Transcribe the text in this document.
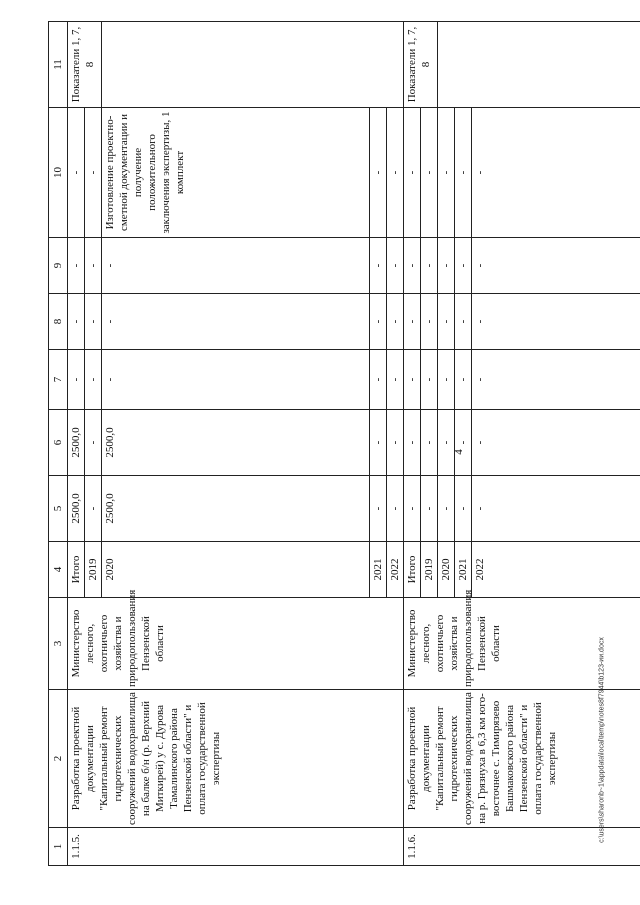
4
c:\users\sharonb~1\appdata\local\temp\notes8f7944\b123-ии.docx
1	2	3	4	5	6	7	8	9	10	11
1.1.5.	Разработка проектной документации "Капитальный ремонт гидротехнических сооружений водохранилища на балке б/н (р. Верхний Миткирей) у с. Дурова Тамалинского района Пензенской области" и оплата государственной экспертизы	Министерство лесного, охотничьего хозяйства и природопользования Пензенской области	Итого	2500,0	2500,0	-	-	-	-	Показатели 1, 7, 8
			2019	-	-	-	-	-	-	
			2020	2500,0	2500,0	-	-	-	Изготовление проектно-сметной документации и получение положительного заключения экспертизы, 1 комплект	
			2021	-	-	-	-	-	-	
			2022	-	-	-	-	-	-	
1.1.6.	Разработка проектной документации "Капитальный ремонт гидротехнических сооружений водохранилища на р. Грязнуха в 6,3 км юго-восточнее с. Тимирязево Башмаковского района Пензенской области" и оплата государственной экспертизы	Министерство лесного, охотничьего хозяйства и природопользования Пензенской области	Итого	-	-	-	-	-	-	Показатели 1, 7, 8
			2019	-	-	-	-	-	-	
			2020	-	-	-	-	-	-	
			2021	-	-	-	-	-	-	
			2022	-	-	-	-	-	-	
